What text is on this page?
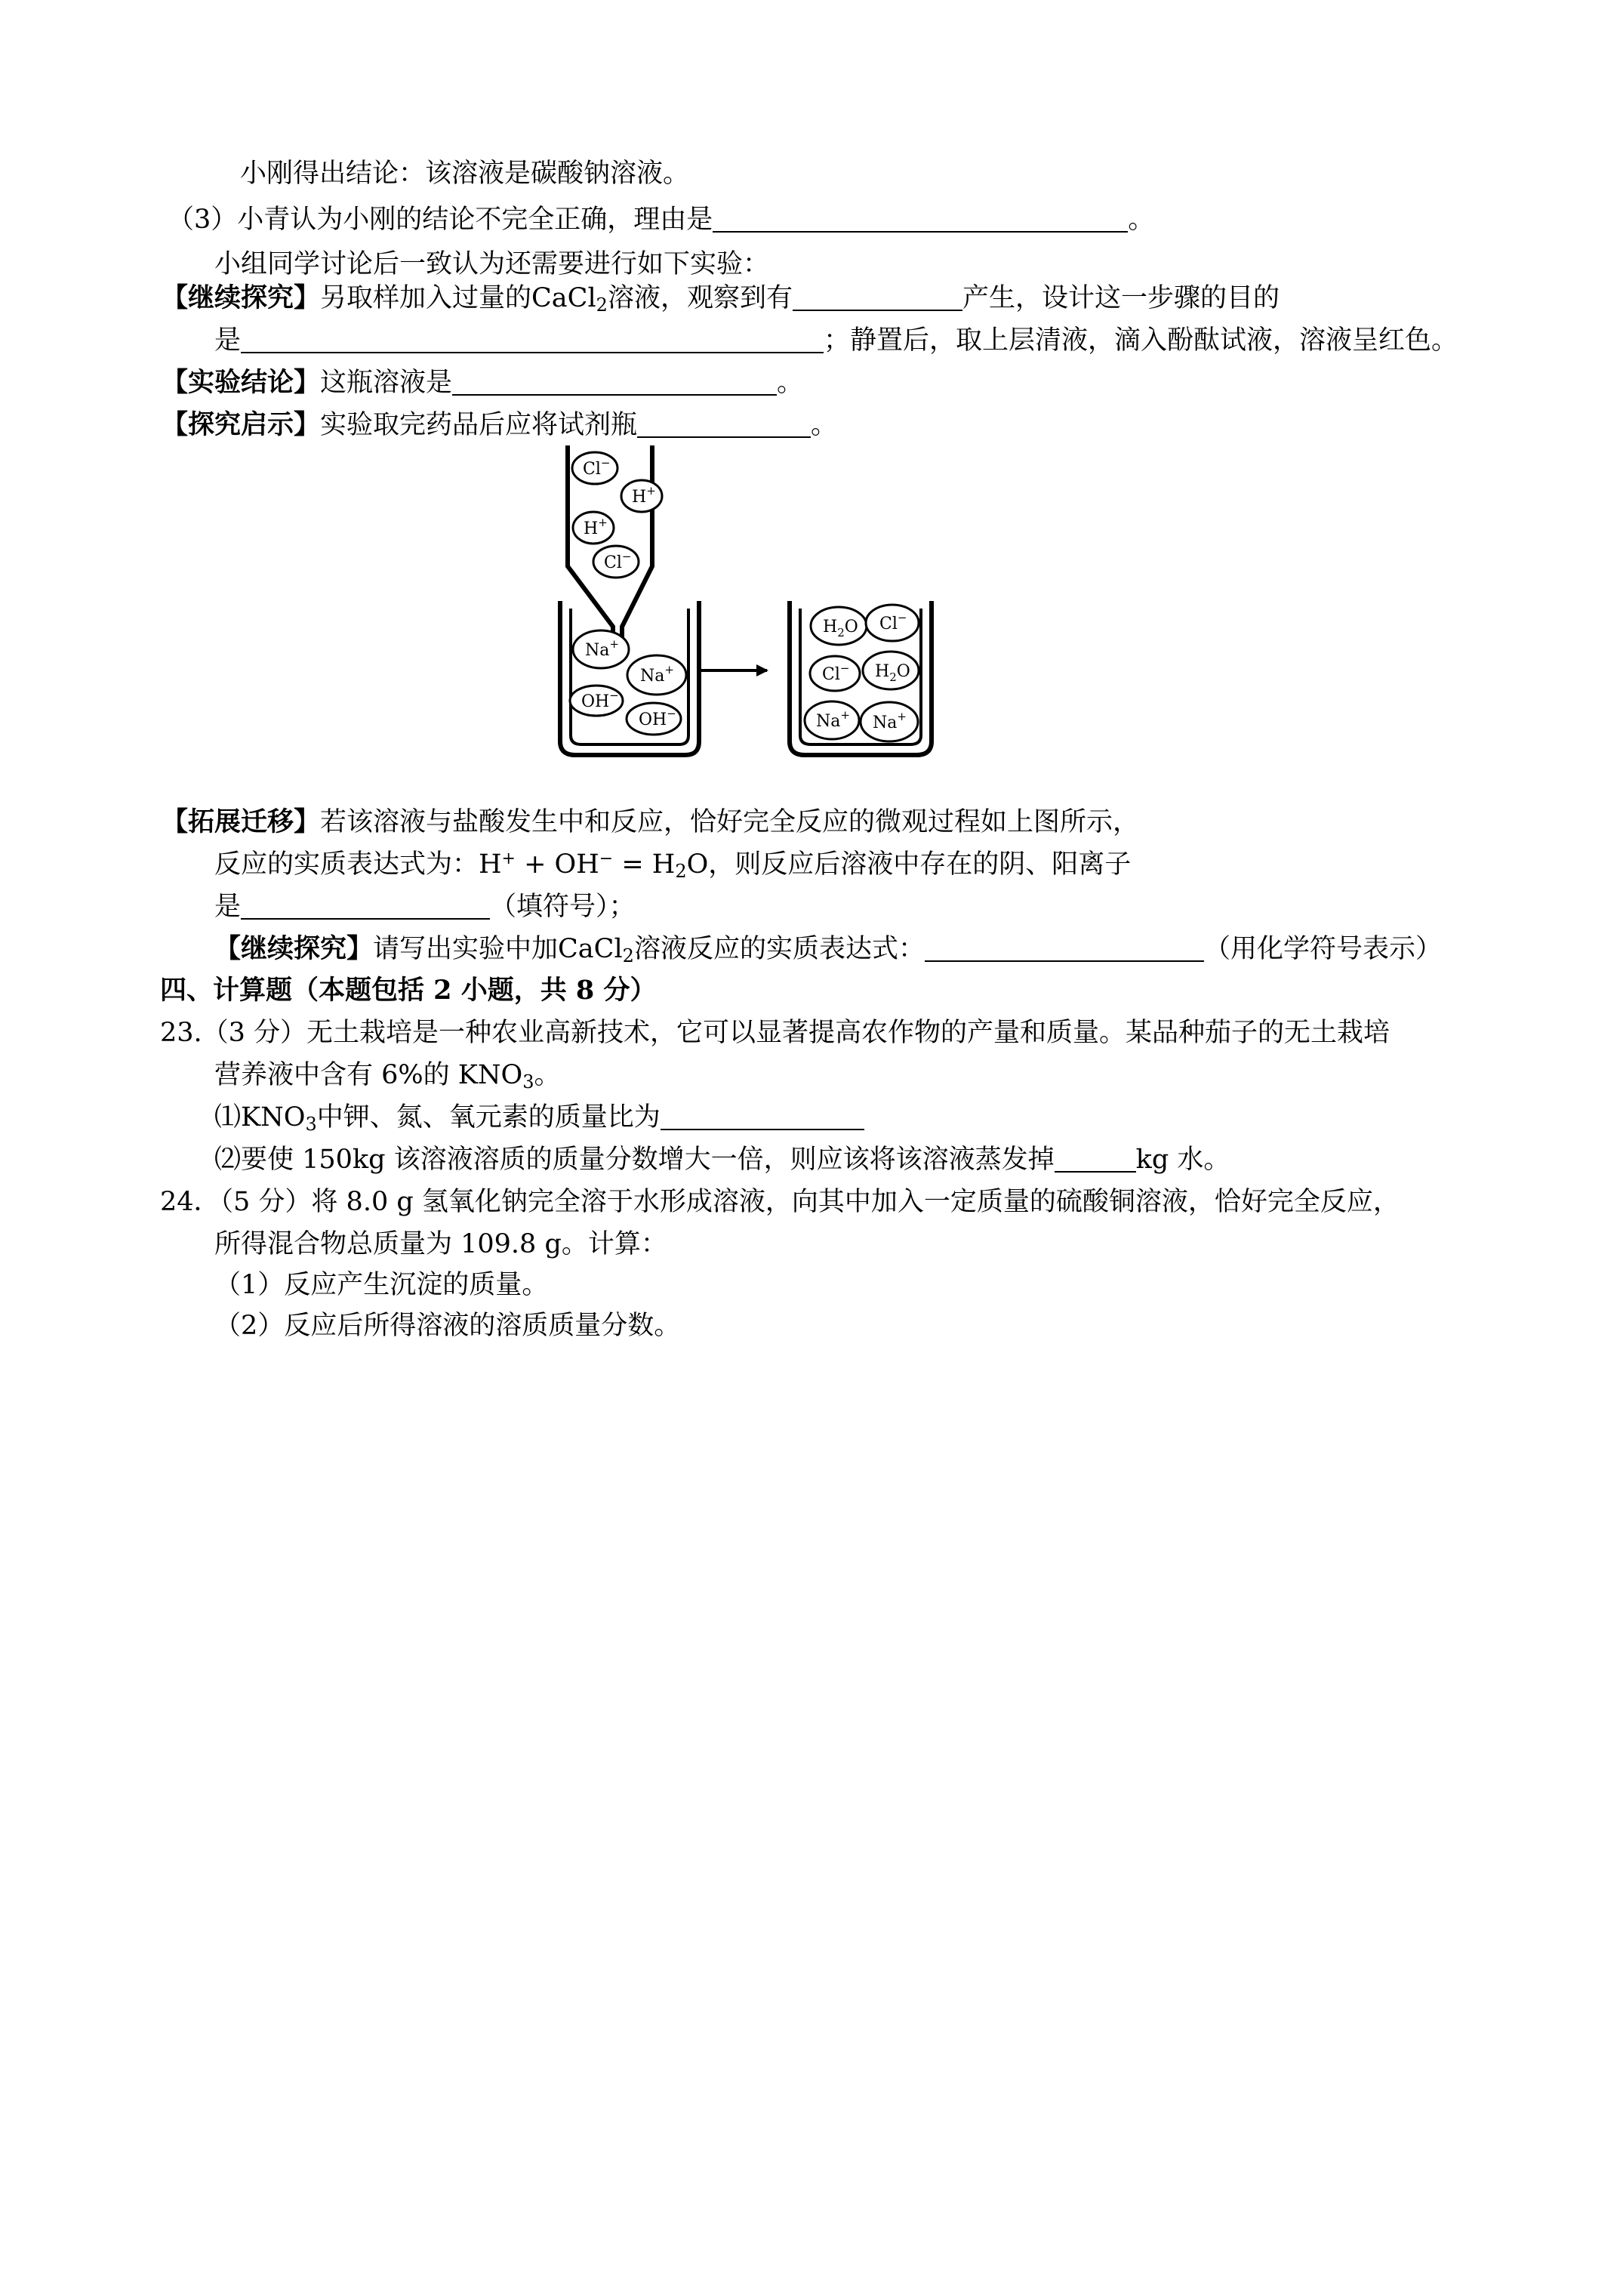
小刚得出结论：该溶液是碳酸钠溶液。
（3）小青认为小刚的结论不完全正确，理由是	。
小组同学讨论后一致认为还需要进行如下实验：
【继续探究】另取样加入过量的CaCl$_2$溶液，观察到有	产生，设计这一步骤的目的
是	；静置后，取上层清液，滴入酚酞试液，溶液呈红色。
【实验结论】这瓶溶液是	。
【探究启示】实验取完药品后应将试剂瓶	。
Cl−
H+
H+
Cl−
Na+
Na+
OH−
OH−
$H_2O$ Cl−
Cl− $H_2O$
Na+ Na+
【拓展迁移】若该溶液与盐酸发生中和反应，恰好完全反应的微观过程如上图所示，
反应的实质表达式为：$H^+ + OH^- = H_2O$，则反应后溶液中存在的阴、阳离子
是	（填符号）；
【继续探究】请写出实验中加CaCl$_2$溶液反应的实质表达式：	（用化学符号表示）
四、计算题（本题包括 2 小题，共 8 分）
23.（3 分）无土栽培是一种农业高新技术，它可以显著提高农作物的产量和质量。某品种茄子的无土栽培
营养液中含有 6%的 $KNO_3$。
$⑴KNO_3$中钾、氮、氧元素的质量比为
⑵要使 150kg 该溶液溶质的质量分数增大一倍，则应该将该溶液蒸发掉	kg 水。
24．（5 分）将 8.0 g 氢氧化钠完全溶于水形成溶液，向其中加入一定质量的硫酸铜溶液，恰好完全反应，
所得混合物总质量为 109.8 g。计算：
（1）反应产生沉淀的质量。
（2）反应后所得溶液的溶质质量分数。
